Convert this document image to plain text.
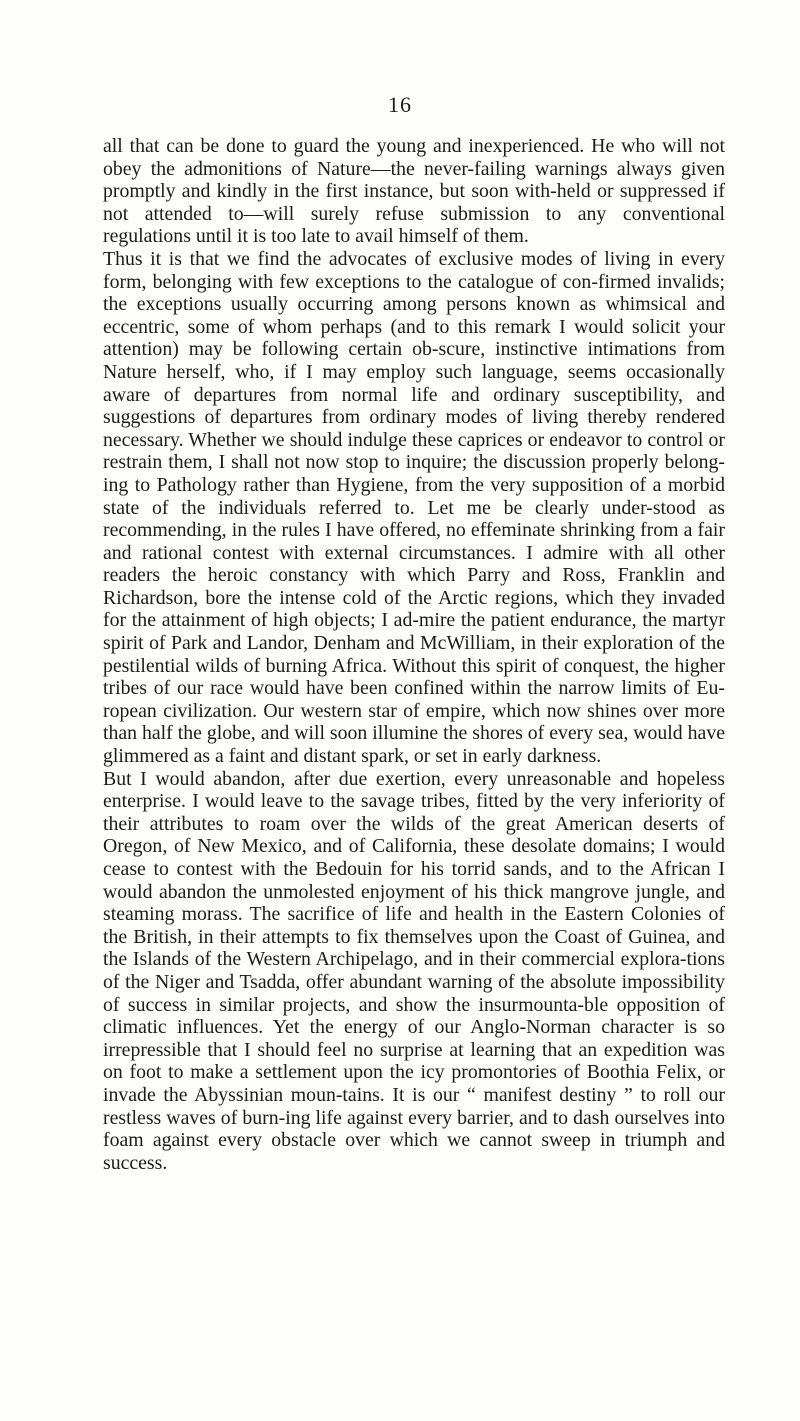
16

all that can be done to guard the young and inexperienced. He who will not obey the admonitions of Nature—the never-failing warnings always given promptly and kindly in the first instance, but soon with-held or suppressed if not attended to—will surely refuse submission to any conventional regulations until it is too late to avail himself of them.

Thus it is that we find the advocates of exclusive modes of living in every form, belonging with few exceptions to the catalogue of con-firmed invalids; the exceptions usually occurring among persons known as whimsical and eccentric, some of whom perhaps (and to this remark I would solicit your attention) may be following certain ob-scure, instinctive intimations from Nature herself, who, if I may employ such language, seems occasionally aware of departures from normal life and ordinary susceptibility, and suggestions of departures from ordinary modes of living thereby rendered necessary. Whether we should indulge these caprices or endeavor to control or restrain them, I shall not now stop to inquire; the discussion properly belong-ing to Pathology rather than Hygiene, from the very supposition of a morbid state of the individuals referred to. Let me be clearly under-stood as recommending, in the rules I have offered, no effeminate shrinking from a fair and rational contest with external circumstances. I admire with all other readers the heroic constancy with which Parry and Ross, Franklin and Richardson, bore the intense cold of the Arctic regions, which they invaded for the attainment of high objects; I ad-mire the patient endurance, the martyr spirit of Park and Landor, Denham and McWilliam, in their exploration of the pestilential wilds of burning Africa. Without this spirit of conquest, the higher tribes of our race would have been confined within the narrow limits of Eu-ropean civilization. Our western star of empire, which now shines over more than half the globe, and will soon illumine the shores of every sea, would have glimmered as a faint and distant spark, or set in early darkness.

But I would abandon, after due exertion, every unreasonable and hopeless enterprise. I would leave to the savage tribes, fitted by the very inferiority of their attributes to roam over the wilds of the great American deserts of Oregon, of New Mexico, and of California, these desolate domains; I would cease to contest with the Bedouin for his torrid sands, and to the African I would abandon the unmolested enjoyment of his thick mangrove jungle, and steaming morass. The sacrifice of life and health in the Eastern Colonies of the British, in their attempts to fix themselves upon the Coast of Guinea, and the Islands of the Western Archipelago, and in their commercial explora-tions of the Niger and Tsadda, offer abundant warning of the absolute impossibility of success in similar projects, and show the insurmounta-ble opposition of climatic influences. Yet the energy of our Anglo-Norman character is so irrepressible that I should feel no surprise at learning that an expedition was on foot to make a settlement upon the icy promontories of Boothia Felix, or invade the Abyssinian moun-tains. It is our “ manifest destiny ” to roll our restless waves of burn-ing life against every barrier, and to dash ourselves into foam against every obstacle over which we cannot sweep in triumph and success.
